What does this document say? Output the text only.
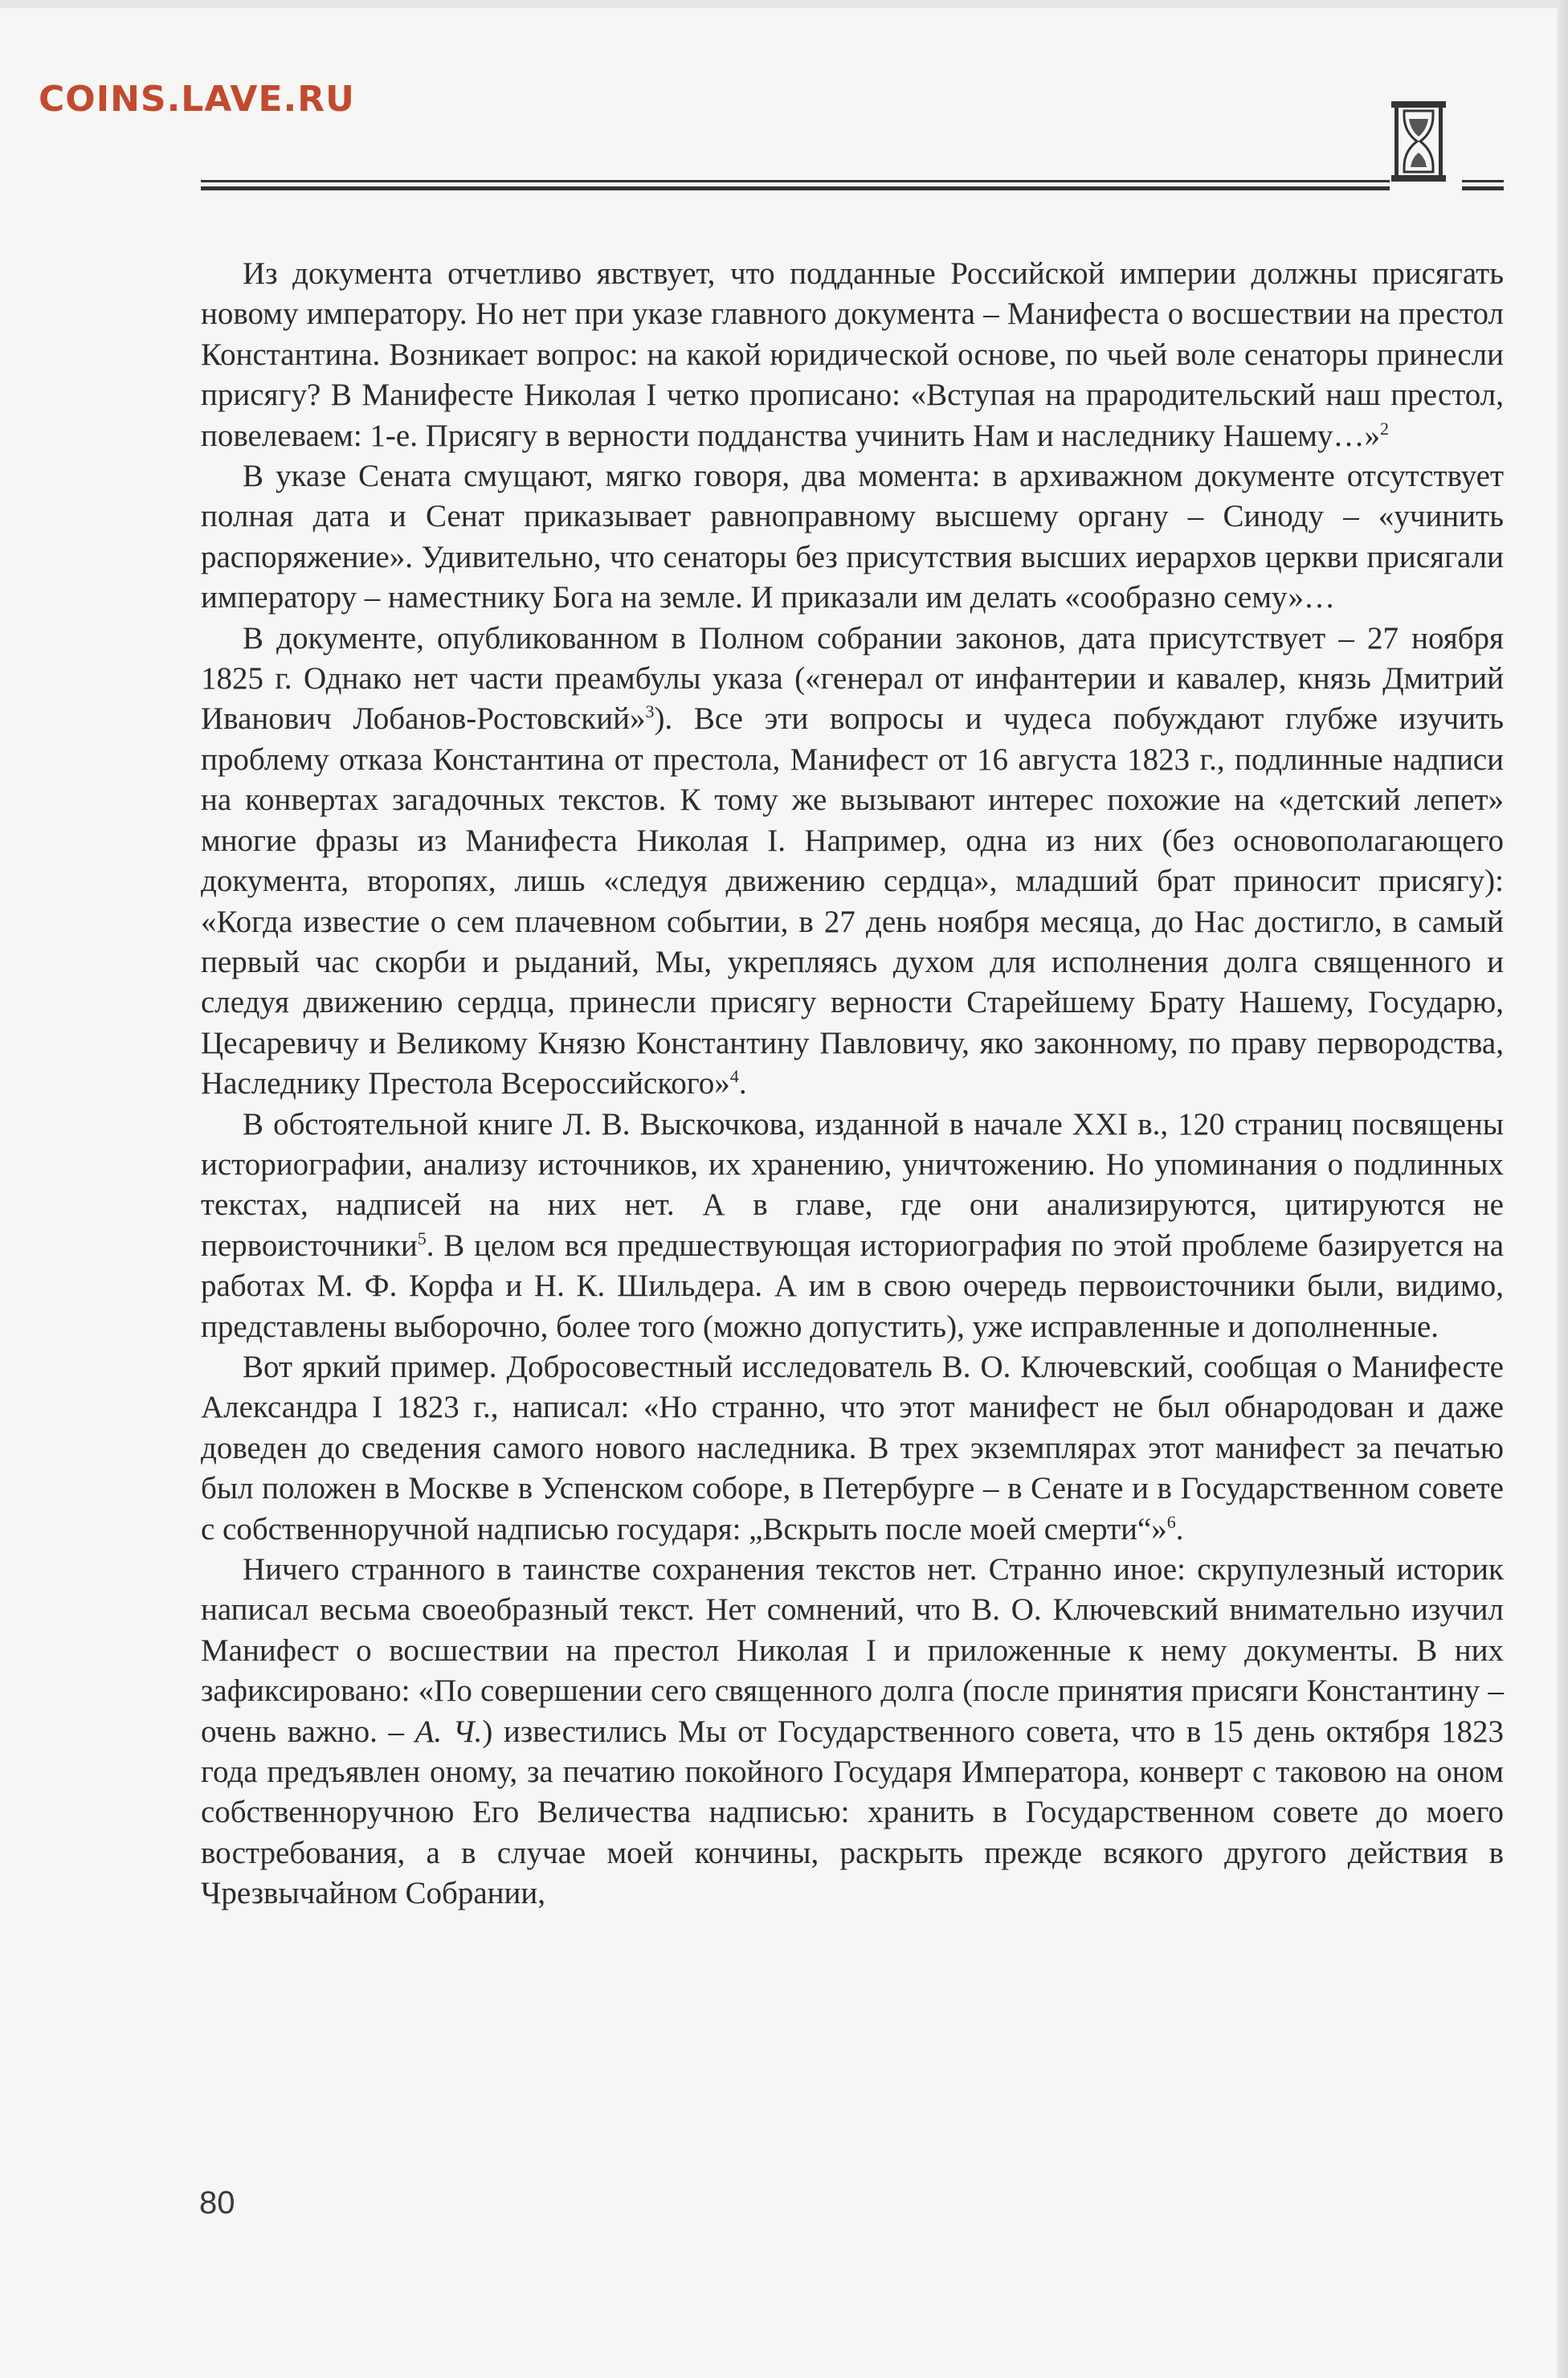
COINS.LAVE.RU

Из документа отчетливо явствует, что подданные Российской империи должны присягать новому императору. Но нет при указе главного документа – Манифеста о восшествии на престол Константина. Возникает вопрос: на какой юридической основе, по чьей воле сенаторы принесли присягу? В Манифесте Николая I четко прописано: «Вступая на прародительский наш престол, повелеваем: 1-е. Присягу в верности подданства учинить Нам и наследнику Нашему…»$^2$

В указе Сената смущают, мягко говоря, два момента: в архиважном документе отсутствует полная дата и Сенат приказывает равноправному высшему органу – Синоду – «учинить распоряжение». Удивительно, что сенаторы без присутствия высших иерархов церкви присягали императору – наместнику Бога на земле. И приказали им делать «сообразно сему»…

В документе, опубликованном в Полном собрании законов, дата присутствует – 27 ноября 1825 г. Однако нет части преамбулы указа («генерал от инфантерии и кавалер, князь Дмитрий Иванович Лобанов-Ростовский»$^3$). Все эти вопросы и чудеса побуждают глубже изучить проблему отказа Константина от престола, Манифест от 16 августа 1823 г., подлинные надписи на конвертах загадочных текстов. К тому же вызывают интерес похожие на «детский лепет» многие фразы из Манифеста Николая I. Например, одна из них (без основополагающего документа, второпях, лишь «следуя движению сердца», младший брат приносит присягу): «Когда известие о сем плачевном событии, в 27 день ноября месяца, до Нас достигло, в самый первый час скорби и рыданий, Мы, укрепляясь духом для исполнения долга священного и следуя движению сердца, принесли присягу верности Старейшему Брату Нашему, Государю, Цесаревичу и Великому Князю Константину Павловичу, яко законному, по праву первородства, Наследнику Престола Всероссийского»$^4$.

В обстоятельной книге Л. В. Выскочкова, изданной в начале XXI в., 120 страниц посвящены историографии, анализу источников, их хранению, уничтожению. Но упоминания о подлинных текстах, надписей на них нет. А в главе, где они анализируются, цитируются не первоисточники$^5$. В целом вся предшествующая историография по этой проблеме базируется на работах М. Ф. Корфа и Н. К. Шильдера. А им в свою очередь первоисточники были, видимо, представлены выборочно, более того (можно допустить), уже исправленные и дополненные.

Вот яркий пример. Добросовестный исследователь В. О. Ключевский, сообщая о Манифесте Александра I 1823 г., написал: «Но странно, что этот манифест не был обнародован и даже доведен до сведения самого нового наследника. В трех экземплярах этот манифест за печатью был положен в Москве в Успенском соборе, в Петербурге – в Сенате и в Государственном совете с собственноручной надписью государя: „Вскрыть после моей смерти“»$^6$.

Ничего странного в таинстве сохранения текстов нет. Странно иное: скрупулезный историк написал весьма своеобразный текст. Нет сомнений, что В. О. Ключевский внимательно изучил Манифест о восшествии на престол Николая I и приложенные к нему документы. В них зафиксировано: «По совершении сего священного долга (после принятия присяги Константину – очень важно. – А. Ч.) известились Мы от Государственного совета, что в 15 день октября 1823 года предъявлен оному, за печатию покойного Государя Императора, конверт с таковою на оном собственноручною Его Величества надписью: хранить в Государственном совете до моего востребования, а в случае моей кончины, раскрыть прежде всякого другого действия в Чрезвычайном Собрании,

80
